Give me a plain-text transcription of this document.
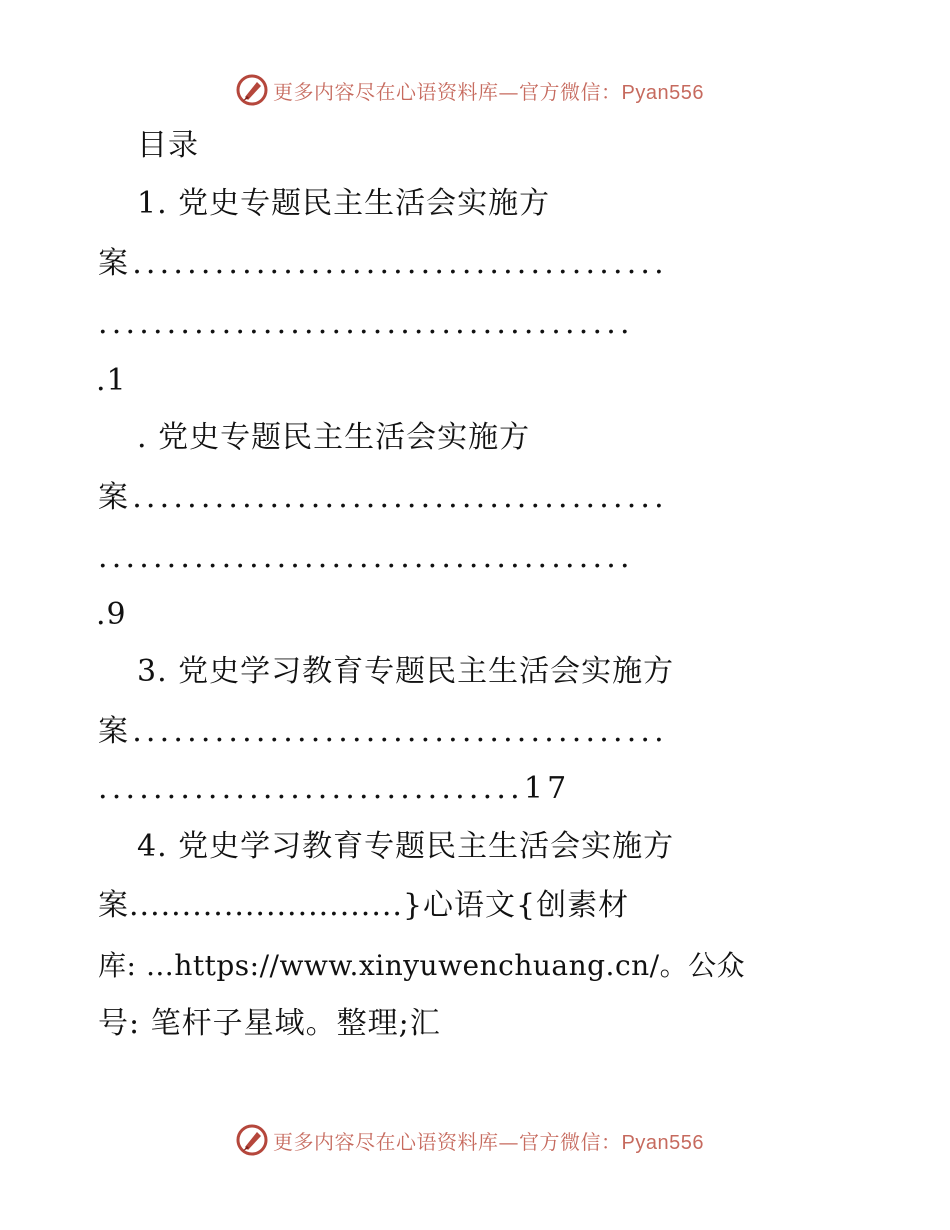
更多内容尽在心语资料库—官方微信：Pyan556
目录
1. 党史专题民主生活会实施方
案.......................................
.......................................
.1
. 党史专题民主生活会实施方
案.......................................
.......................................
.9
3. 党史学习教育专题民主生活会实施方
案.......................................
...............................17
4. 党史学习教育专题民主生活会实施方
案..........................}心语文{创素材
库: …https://www.xinyuwenchuang.cn/。公众
号: 笔杆子星域。整理;汇
更多内容尽在心语资料库—官方微信：Pyan556
